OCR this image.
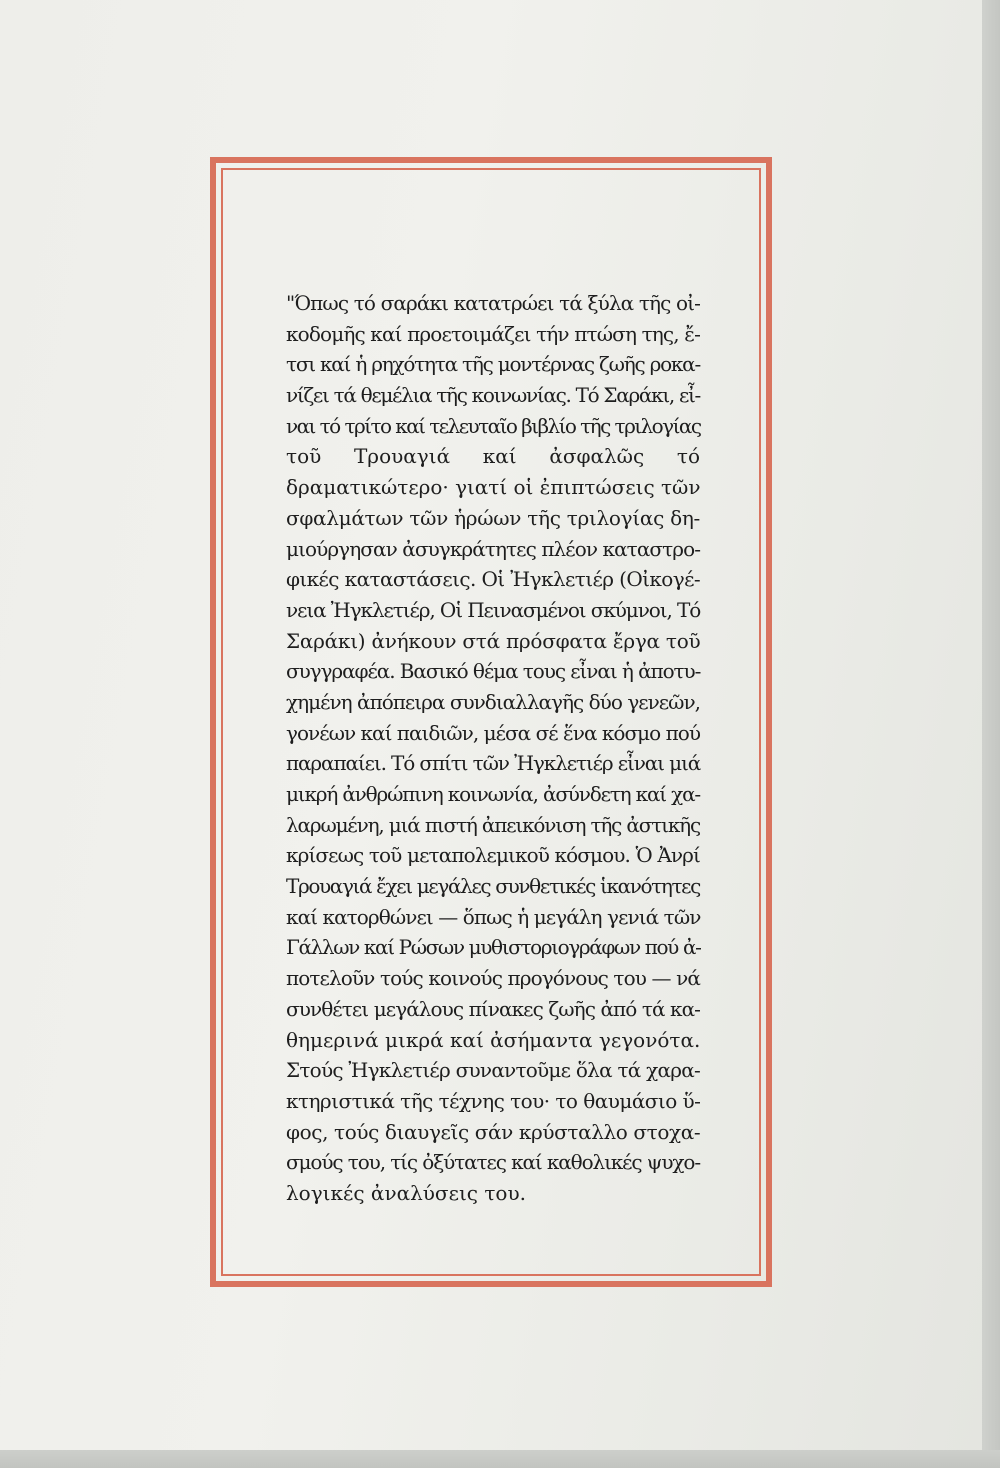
"Όπως τό σαράκι κατατρώει τά ξύλα τῆς οἰ-
κοδομῆς καί προετοιμάζει τήν πτώση της, ἔ-
τσι καί ἡ ρηχότητα τῆς μοντέρνας ζωῆς ροκα-
νίζει τά θεμέλια τῆς κοινωνίας. Τό Σαράκι, εἶ-
ναι τό τρίτο καί τελευταῖο βιβλίο τῆς τριλογίας
τοῦ Τρουαγιά καί ἀσφαλῶς τό
δραματικώτερο· γιατί οἱ ἐπιπτώσεις τῶν
σφαλμάτων τῶν ἡρώων τῆς τριλογίας δη-
μιούργησαν ἀσυγκράτητες πλέον καταστρο-
φικές καταστάσεις. Οἱ Ἠγκλετιέρ (Οἰκογέ-
νεια Ἠγκλετιέρ, Οἱ Πεινασμένοι σκύμνοι, Τό
Σαράκι) ἀνήκουν στά πρόσφατα ἔργα τοῦ
συγγραφέα. Βασικό θέμα τους εἶναι ἡ ἀποτυ-
χημένη ἀπόπειρα συνδιαλλαγῆς δύο γενεῶν,
γονέων καί παιδιῶν, μέσα σέ ἕνα κόσμο πού
παραπαίει. Τό σπίτι τῶν Ἠγκλετιέρ εἶναι μιά
μικρή ἀνθρώπινη κοινωνία, ἀσύνδετη καί χα-
λαρωμένη, μιά πιστή ἀπεικόνιση τῆς ἀστικῆς
κρίσεως τοῦ μεταπολεμικοῦ κόσμου. Ὁ Ἀνρί
Τρουαγιά ἔχει μεγάλες συνθετικές ἱκανότητες
καί κατορθώνει — ὅπως ἡ μεγάλη γενιά τῶν
Γάλλων καί Ρώσων μυθιστοριογράφων πού ἀ-
ποτελοῦν τούς κοινούς προγόνους του — νά
συνθέτει μεγάλους πίνακες ζωῆς ἀπό τά κα-
θημερινά μικρά καί ἀσήμαντα γεγονότα.
Στούς Ἠγκλετιέρ συναντοῦμε ὅλα τά χαρα-
κτηριστικά τῆς τέχνης του· το θαυμάσιο ὕ-
φος, τούς διαυγεῖς σάν κρύσταλλο στοχα-
σμούς του, τίς ὀξύτατες καί καθολικές ψυχο-
λογικές ἀναλύσεις του.
